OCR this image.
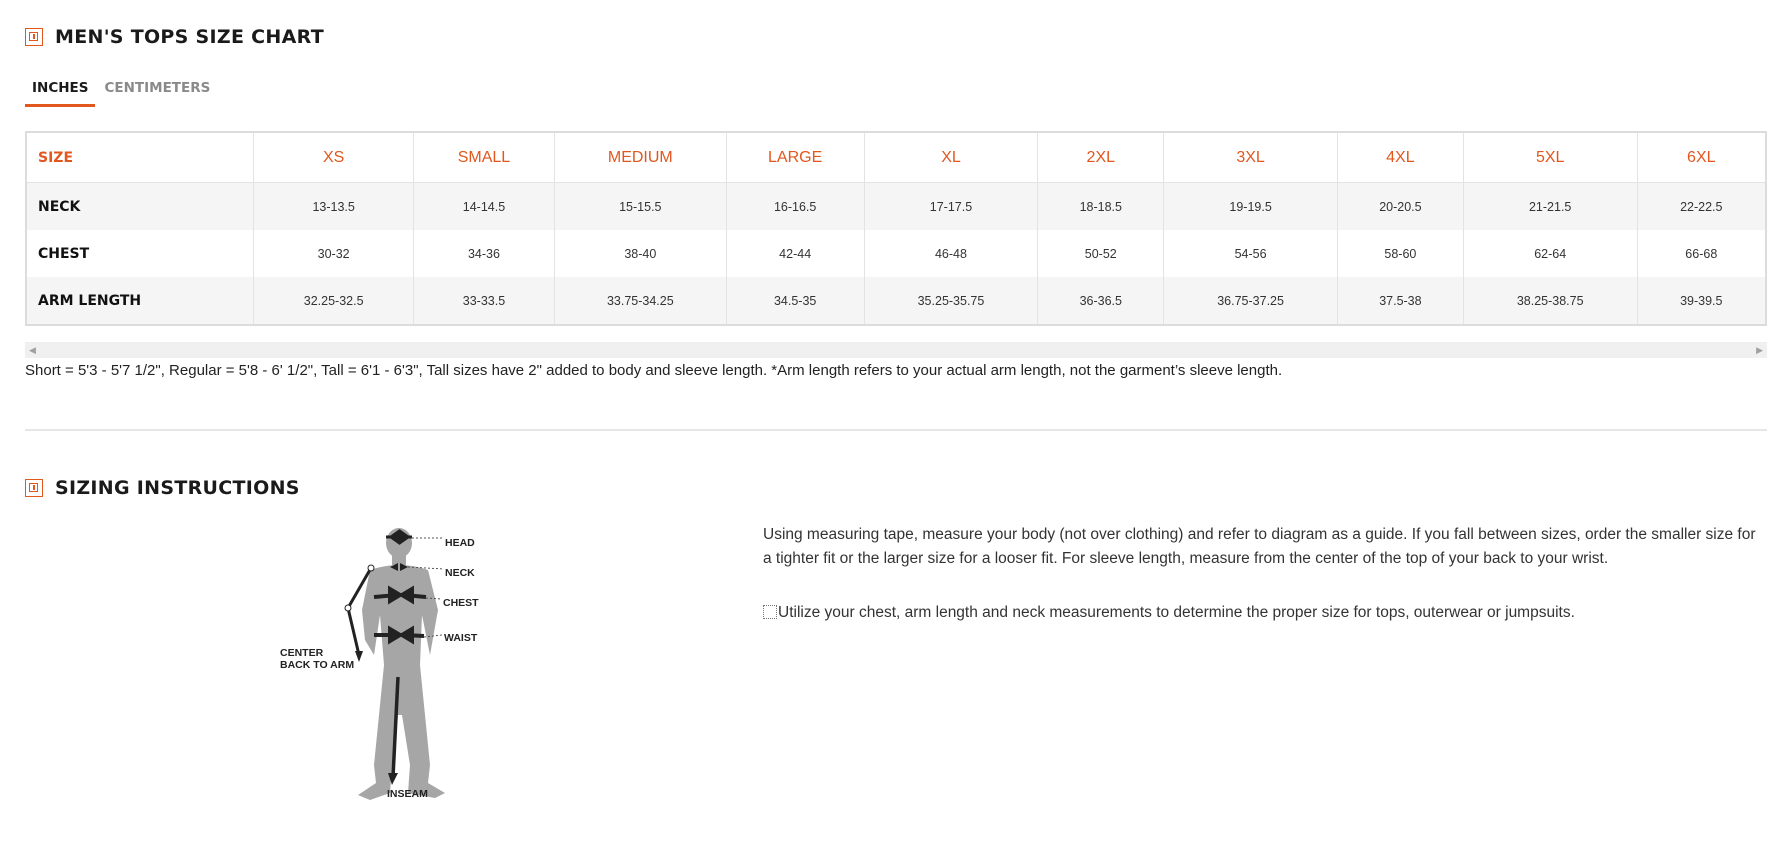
MEN'S TOPS SIZE CHART
INCHES	CENTIMETERS
SIZE	XS	SMALL	MEDIUM	LARGE	XL	2XL	3XL	4XL	5XL	6XL
NECK	13-13.5	14-14.5	15-15.5	16-16.5	17-17.5	18-18.5	19-19.5	20-20.5	21-21.5	22-22.5
CHEST	30-32	34-36	38-40	42-44	46-48	50-52	54-56	58-60	62-64	66-68
ARM LENGTH	32.25-32.5	33-33.5	33.75-34.25	34.5-35	35.25-35.75	36-36.5	36.75-37.25	37.5-38	38.25-38.75	39-39.5
◀	▶
Short = 5'3 - 5'7 1/2", Regular = 5'8 - 6' 1/2", Tall = 6'1 - 6'3", Tall sizes have 2" added to body and sleeve length. *Arm length refers to your actual arm length, not the garment’s sleeve length.
SIZING INSTRUCTIONS
HEAD
NECK
CHEST
WAIST
CENTER
BACK TO ARM
INSEAM

Using measuring tape, measure your body (not over clothing) and refer to diagram as a guide. If you fall between sizes, order the smaller size for a tighter fit or the larger size for a looser fit. For sleeve length, measure from the center of the top of your back to your wrist.

Utilize your chest, arm length and neck measurements to determine the proper size for tops, outerwear or jumpsuits.
